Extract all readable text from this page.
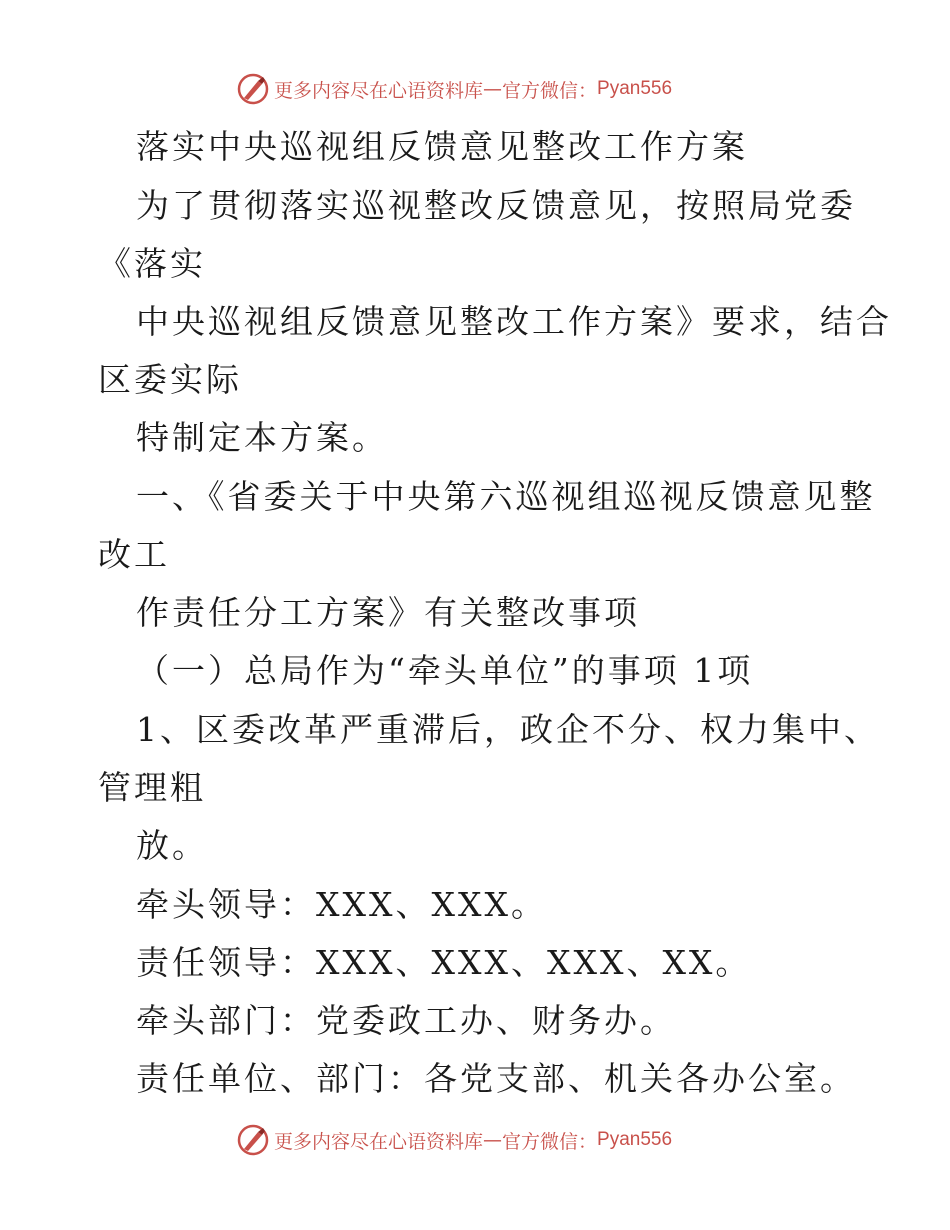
更多内容尽在心语资料库 — 官方微信： Pyan556
落实中央巡视组反馈意见整改工作方案
为了贯彻落实巡视整改反馈意见，按照局党委
《落实
中央巡视组反馈意见整改工作方案》要求，结合
区委实际
特制定本方案。
一、《省委关于中央第六巡视组巡视反馈意见整
改工
作责任分工方案》有关整改事项
（一）总局作为“牵头单位”的事项 1项
1、区委改革严重滞后，政企不分、权力集中、
管理粗
放。
牵头领导：XXX、XXX。
责任领导：XXX、XXX、XXX、XX。
牵头部门：党委政工办、财务办。
责任单位、部门：各党支部、机关各办公室。
更多内容尽在心语资料库 — 官方微信： Pyan556
